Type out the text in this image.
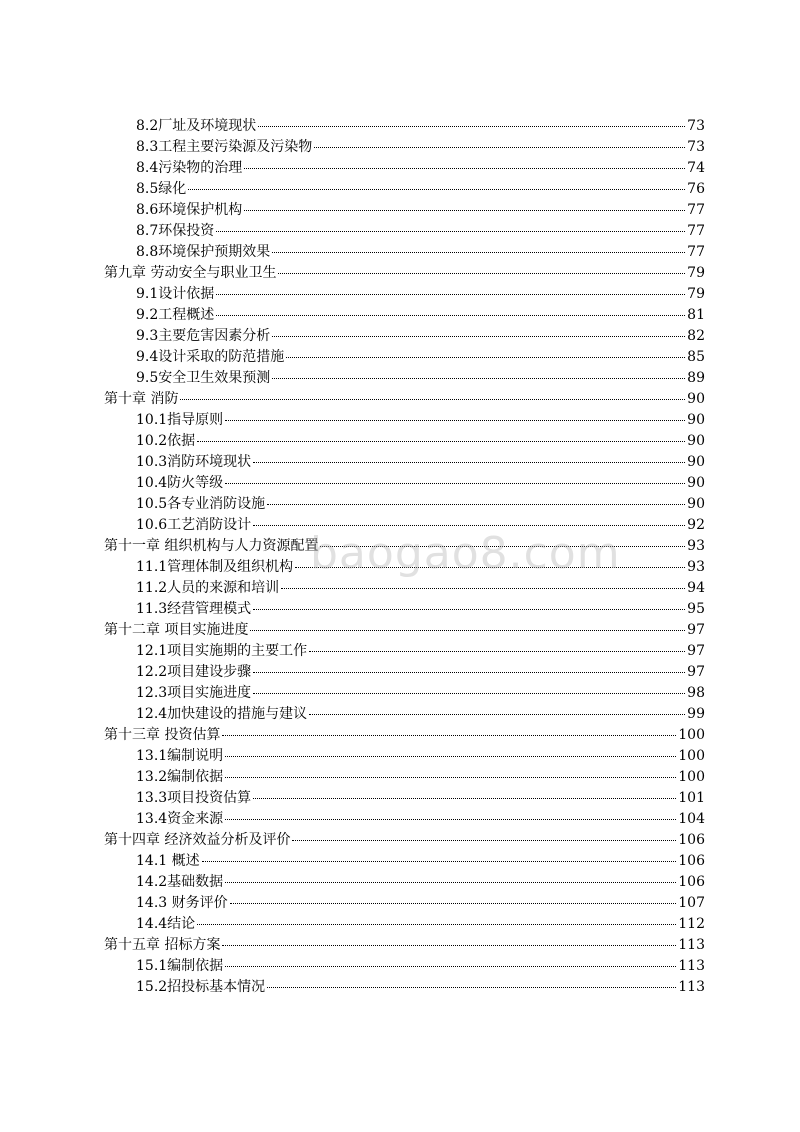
8.2厂址及环境现状	73
8.3工程主要污染源及污染物	73
8.4污染物的治理	74
8.5绿化	76
8.6环境保护机构	77
8.7环保投资	77
8.8环境保护预期效果	77
第九章 劳动安全与职业卫生	79
9.1设计依据	79
9.2工程概述	81
9.3主要危害因素分析	82
9.4设计采取的防范措施	85
9.5安全卫生效果预测	89
第十章 消防	90
10.1指导原则	90
10.2依据	90
10.3消防环境现状	90
10.4防火等级	90
10.5各专业消防设施	90
10.6工艺消防设计	92
第十一章 组织机构与人力资源配置	93
11.1管理体制及组织机构	93
11.2人员的来源和培训	94
11.3经营管理模式	95
第十二章 项目实施进度	97
12.1项目实施期的主要工作	97
12.2项目建设步骤	97
12.3项目实施进度	98
12.4加快建设的措施与建议	99
第十三章 投资估算	100
13.1编制说明	100
13.2编制依据	100
13.3项目投资估算	101
13.4资金来源	104
第十四章 经济效益分析及评价	106
14.1 概述	106
14.2基础数据	106
14.3 财务评价	107
14.4结论	112
第十五章 招标方案	113
15.1编制依据	113
15.2招投标基本情况	113
baogao8.com
